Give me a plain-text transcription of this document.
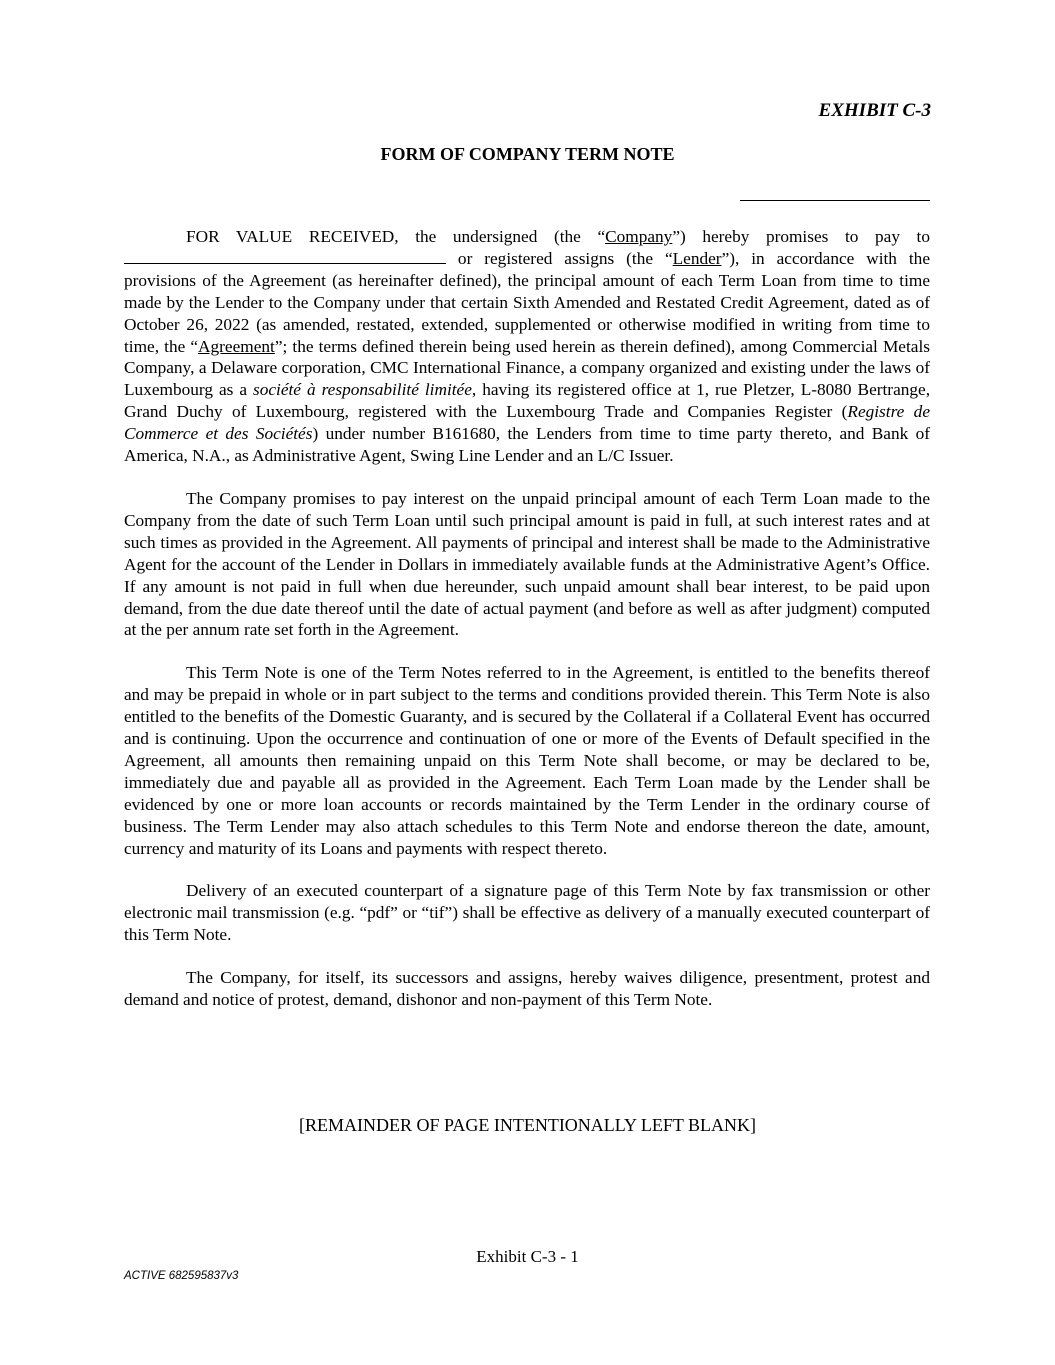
EXHIBIT C-3

FORM OF COMPANY TERM NOTE

FOR VALUE RECEIVED, the undersigned (the “Company”) hereby promises to pay to  or registered assigns (the “Lender”), in accordance with the provisions of the Agreement (as hereinafter defined), the principal amount of each Term Loan from time to time made by the Lender to the Company under that certain Sixth Amended and Restated Credit Agreement, dated as of October 26, 2022 (as amended, restated, extended, supplemented or otherwise modified in writing from time to time, the “Agreement”; the terms defined therein being used herein as therein defined), among Commercial Metals Company, a Delaware corporation, CMC International Finance, a company organized and existing under the laws of Luxembourg as a société à responsabilité limitée, having its registered office at 1, rue Pletzer, L-8080 Bertrange, Grand Duchy of Luxembourg, registered with the Luxembourg Trade and Companies Register (Registre de Commerce et des Sociétés) under number B161680, the Lenders from time to time party thereto, and Bank of America, N.A., as Administrative Agent, Swing Line Lender and an L/C Issuer.

The Company promises to pay interest on the unpaid principal amount of each Term Loan made to the Company from the date of such Term Loan until such principal amount is paid in full, at such interest rates and at such times as provided in the Agreement. All payments of principal and interest shall be made to the Administrative Agent for the account of the Lender in Dollars in immediately available funds at the Administrative Agent’s Office. If any amount is not paid in full when due hereunder, such unpaid amount shall bear interest, to be paid upon demand, from the due date thereof until the date of actual payment (and before as well as after judgment) computed at the per annum rate set forth in the Agreement.

This Term Note is one of the Term Notes referred to in the Agreement, is entitled to the benefits thereof and may be prepaid in whole or in part subject to the terms and conditions provided therein. This Term Note is also entitled to the benefits of the Domestic Guaranty, and is secured by the Collateral if a Collateral Event has occurred and is continuing. Upon the occurrence and continuation of one or more of the Events of Default specified in the Agreement, all amounts then remaining unpaid on this Term Note shall become, or may be declared to be, immediately due and payable all as provided in the Agreement. Each Term Loan made by the Lender shall be evidenced by one or more loan accounts or records maintained by the Term Lender in the ordinary course of business. The Term Lender may also attach schedules to this Term Note and endorse thereon the date, amount, currency and maturity of its Loans and payments with respect thereto.

Delivery of an executed counterpart of a signature page of this Term Note by fax transmission or other electronic mail transmission (e.g. “pdf” or “tif”) shall be effective as delivery of a manually executed counterpart of this Term Note.

The Company, for itself, its successors and assigns, hereby waives diligence, presentment, protest and demand and notice of protest, demand, dishonor and non-payment of this Term Note.

[REMAINDER OF PAGE INTENTIONALLY LEFT BLANK]

Exhibit C-3 - 1

ACTIVE 682595837v3
